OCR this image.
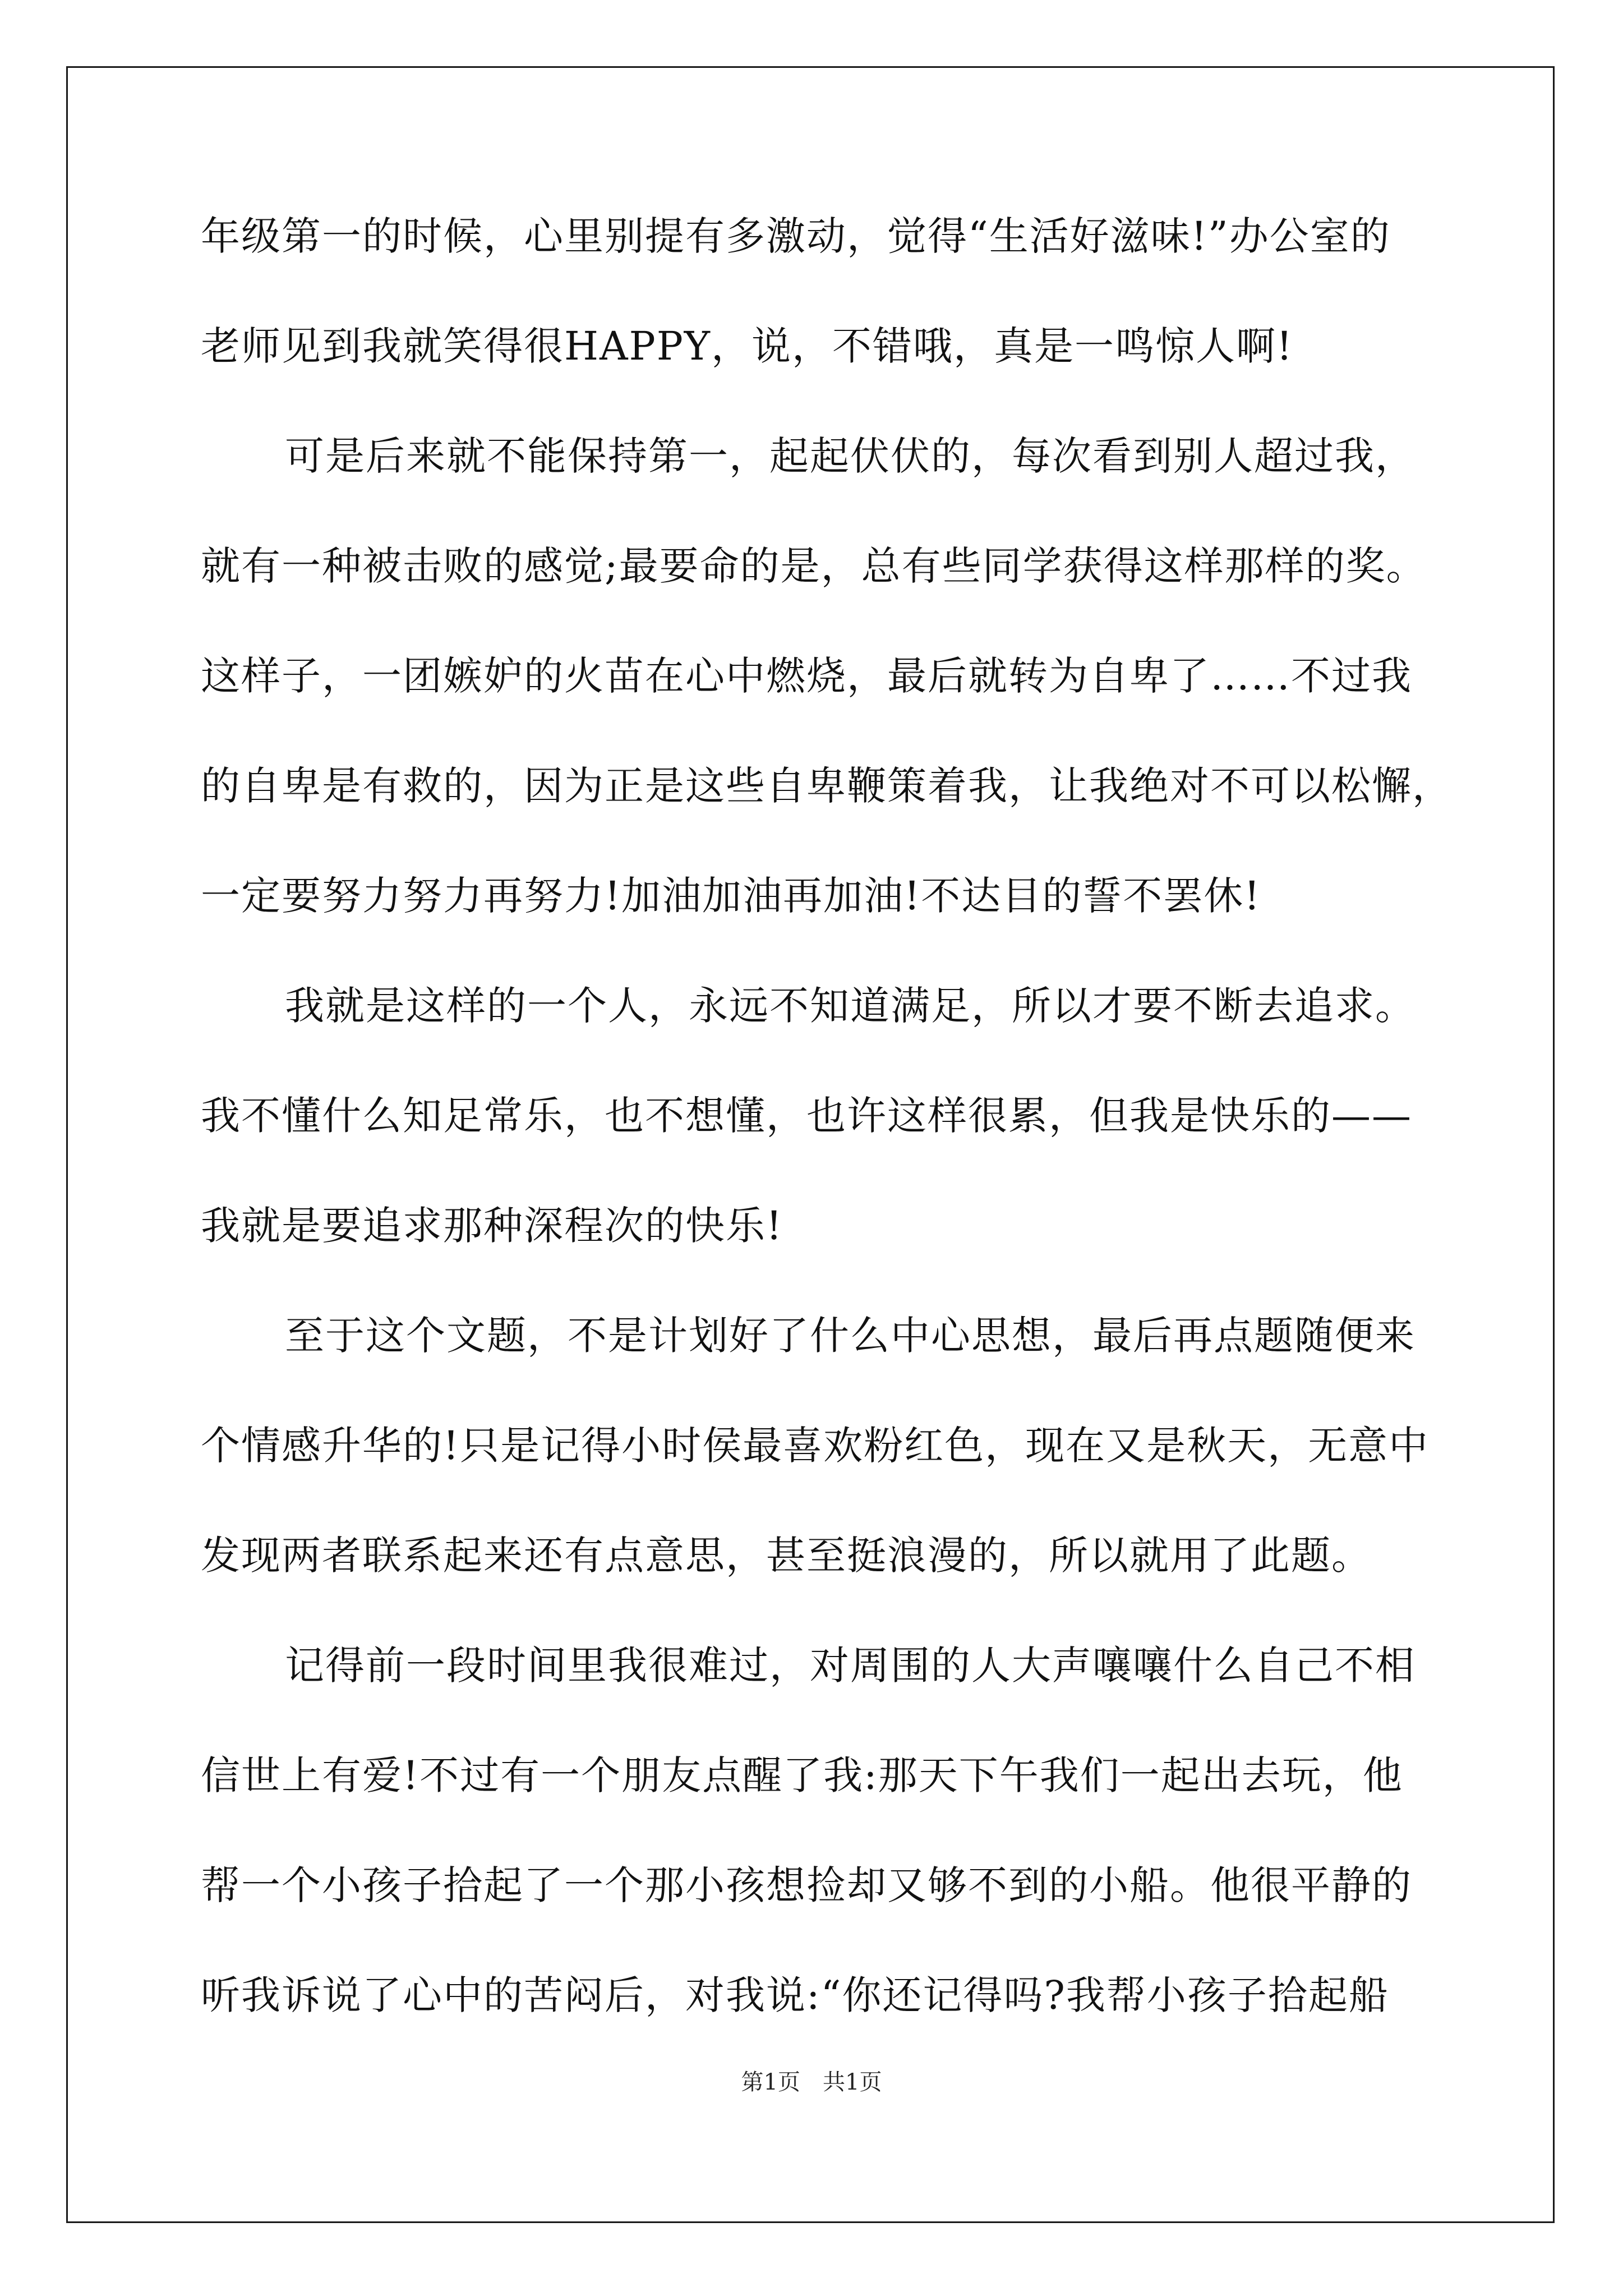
年级第一的时候，心里别提有多激动，觉得“生活好滋味!”办公室的
老师见到我就笑得很HAPPY，说，不错哦，真是一鸣惊人啊!
可是后来就不能保持第一，起起伏伏的，每次看到别人超过我，
就有一种被击败的感觉;最要命的是，总有些同学获得这样那样的奖。
这样子，一团嫉妒的火苗在心中燃烧，最后就转为自卑了……不过我
的自卑是有救的，因为正是这些自卑鞭策着我，让我绝对不可以松懈，
一定要努力努力再努力!加油加油再加油!不达目的誓不罢休!
我就是这样的一个人，永远不知道满足，所以才要不断去追求。
我不懂什么知足常乐，也不想懂，也许这样很累，但我是快乐的——
我就是要追求那种深程次的快乐!
至于这个文题，不是计划好了什么中心思想，最后再点题随便来
个情感升华的!只是记得小时侯最喜欢粉红色，现在又是秋天，无意中
发现两者联系起来还有点意思，甚至挺浪漫的，所以就用了此题。
记得前一段时间里我很难过，对周围的人大声嚷嚷什么自己不相
信世上有爱!不过有一个朋友点醒了我:那天下午我们一起出去玩，他
帮一个小孩子拾起了一个那小孩想捡却又够不到的小船。他很平静的
听我诉说了心中的苦闷后，对我说:“你还记得吗?我帮小孩子拾起船
第1页　共1页
